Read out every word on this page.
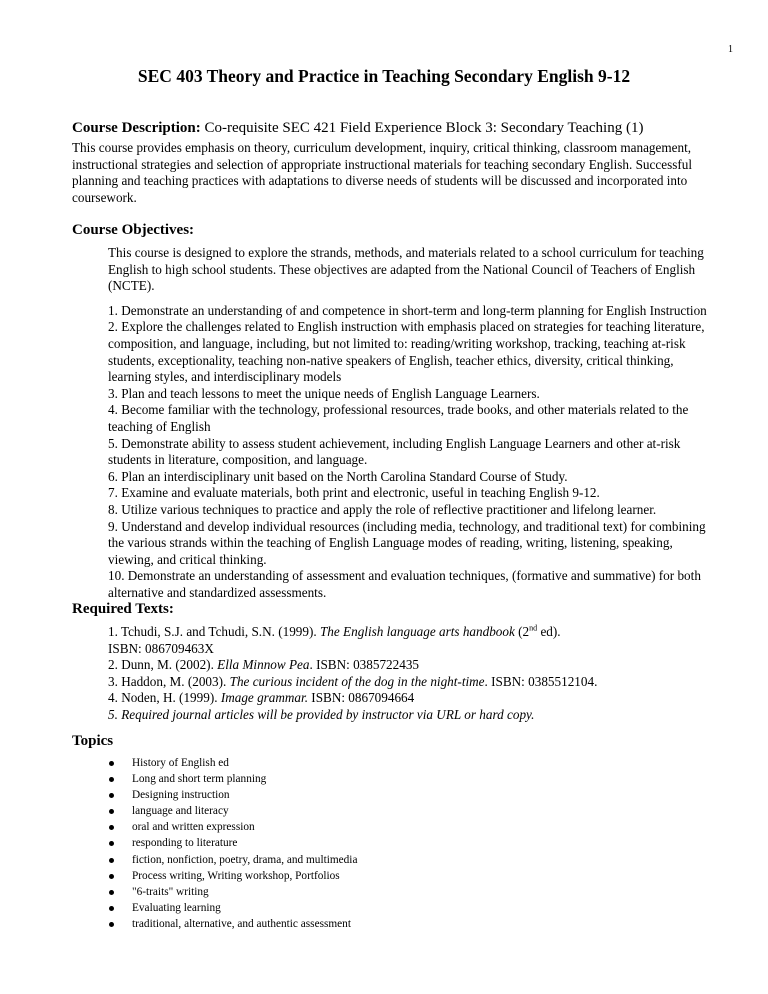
1
SEC 403 Theory and Practice in Teaching Secondary English 9-12
Course Description: Co-requisite SEC 421 Field Experience Block 3: Secondary Teaching (1)
This course provides emphasis on theory, curriculum development, inquiry, critical thinking, classroom management, instructional strategies and selection of appropriate instructional materials for teaching secondary English. Successful planning and teaching practices with adaptations to diverse needs of students will be discussed and incorporated into coursework.
Course Objectives:

This course is designed to explore the strands, methods, and materials related to a school curriculum for teaching English to high school students. These objectives are adapted from the National Council of Teachers of English (NCTE).

1. Demonstrate an understanding of and competence in short-term and long-term planning for English Instruction

2. Explore the challenges related to English instruction with emphasis placed on strategies for teaching literature, composition, and language, including, but not limited to: reading/writing workshop, tracking, teaching at-risk students, exceptionality, teaching non-native speakers of English, teacher ethics, diversity, critical thinking, learning styles, and interdisciplinary models

3. Plan and teach lessons to meet the unique needs of English Language Learners.

4. Become familiar with the technology, professional resources, trade books, and other materials related to the teaching of English

5. Demonstrate ability to assess student achievement, including English Language Learners and other at-risk students in literature, composition, and language.

6. Plan an interdisciplinary unit based on the North Carolina Standard Course of Study.

7. Examine and evaluate materials, both print and electronic, useful in teaching English 9-12.

8. Utilize various techniques to practice and apply the role of reflective practitioner and lifelong learner.

9. Understand and develop individual resources (including media, technology, and traditional text) for combining the various strands within the teaching of English Language modes of reading, writing, listening, speaking, viewing, and critical thinking.

10. Demonstrate an understanding of assessment and evaluation techniques, (formative and summative) for both alternative and standardized assessments.

Required Texts:

1. Tchudi, S.J. and Tchudi, S.N. (1999). The English language arts handbook (2nd ed).

ISBN: 086709463X

2. Dunn, M. (2002). Ella Minnow Pea. ISBN: 0385722435

3. Haddon, M. (2003). The curious incident of the dog in the night-time. ISBN: 0385512104.

4. Noden, H. (1999). Image grammar. ISBN: 0867094664

5. Required journal articles will be provided by instructor via URL or hard copy.

Topics
History of English ed
Long and short term planning
Designing instruction
language and literacy
oral and written expression
responding to literature
fiction, nonfiction, poetry, drama, and multimedia
Process writing, Writing workshop, Portfolios
"6-traits" writing
Evaluating learning
traditional, alternative, and authentic assessment
